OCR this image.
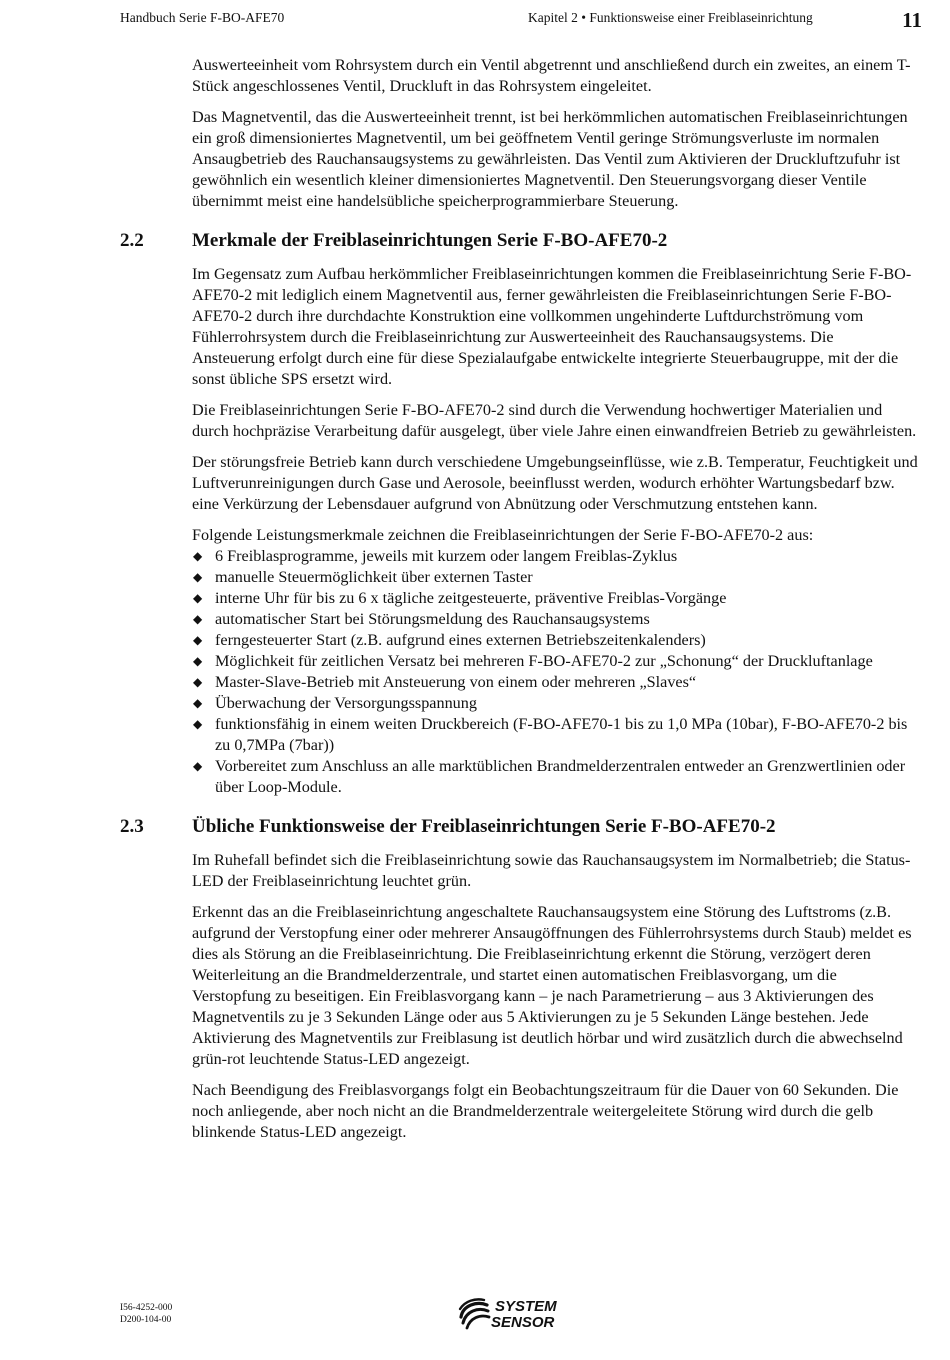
Handbuch Serie F-BO-AFE70	Kapitel 2 • Funktionsweise einer Freiblaseinrichtung	11

Auswerteeinheit vom Rohrsystem durch ein Ventil abgetrennt und anschließend durch ein zweites, an einem T-Stück angeschlossenes Ventil, Druckluft in das Rohrsystem eingeleitet.

Das Magnetventil, das die Auswerteeinheit trennt, ist bei herkömmlichen automatischen Freiblaseinrichtungen ein groß dimensioniertes Magnetventil, um bei geöffnetem Ventil geringe Strömungsverluste im normalen Ansaugbetrieb des Rauchansaugsystems zu gewährleisten. Das Ventil zum Aktivieren der Druckluftzufuhr ist gewöhnlich ein wesentlich kleiner dimensioniertes Magnetventil. Den Steuerungsvorgang dieser Ventile übernimmt meist eine handelsübliche speicherprogrammierbare Steuerung.

2.2	Merkmale der Freiblaseinrichtungen Serie F-BO-AFE70-2

Im Gegensatz zum Aufbau herkömmlicher Freiblaseinrichtungen kommen die Freiblaseinrichtung Serie F-BO-AFE70-2 mit lediglich einem Magnetventil aus, ferner gewährleisten die Freiblaseinrichtungen Serie F-BO-AFE70-2 durch ihre durchdachte Konstruktion eine vollkommen ungehinderte Luftdurchströmung vom Fühlerrohrsystem durch die Freiblaseinrichtung zur Auswerteeinheit des Rauchansaugsystems. Die Ansteuerung erfolgt durch eine für diese Spezialaufgabe entwickelte integrierte Steuerbaugruppe, mit der die sonst übliche SPS ersetzt wird.

Die Freiblaseinrichtungen Serie F-BO-AFE70-2 sind durch die Verwendung hochwertiger Materialien und durch hochpräzise Verarbeitung dafür ausgelegt, über viele Jahre einen einwandfreien Betrieb zu gewährleisten.

Der störungsfreie Betrieb kann durch verschiedene Umgebungseinflüsse, wie z.B. Temperatur, Feuchtigkeit und Luftverunreinigungen durch Gase und Aerosole, beeinflusst werden, wodurch erhöhter Wartungsbedarf bzw. eine Verkürzung der Lebensdauer aufgrund von Abnützung oder Verschmutzung entstehen kann.

Folgende Leistungsmerkmale zeichnen die Freiblaseinrichtungen der Serie F-BO-AFE70-2 aus:

◆ 6 Freiblasprogramme, jeweils mit kurzem oder langem Freiblas-Zyklus
◆ manuelle Steuermöglichkeit über externen Taster
◆ interne Uhr für bis zu 6 x tägliche zeitgesteuerte, präventive Freiblas-Vorgänge
◆ automatischer Start bei Störungsmeldung des Rauchansaugsystems
◆ ferngesteuerter Start (z.B. aufgrund eines externen Betriebszeitenkalenders)
◆ Möglichkeit für zeitlichen Versatz bei mehreren F-BO-AFE70-2 zur „Schonung“ der Druckluftanlage
◆ Master-Slave-Betrieb mit Ansteuerung von einem oder mehreren „Slaves“
◆ Überwachung der Versorgungsspannung
◆ funktionsfähig in einem weiten Druckbereich (F-BO-AFE70-1 bis zu 1,0 MPa (10bar), F-BO-AFE70-2 bis zu 0,7MPa (7bar))
◆ Vorbereitet zum Anschluss an alle marktüblichen Brandmelderzentralen entweder an Grenzwertlinien oder über Loop-Module.
2.3	Übliche Funktionsweise der Freiblaseinrichtungen Serie F-BO-AFE70-2

Im Ruhefall befindet sich die Freiblaseinrichtung sowie das Rauchansaugsystem im Normalbetrieb; die Status-LED der Freiblaseinrichtung leuchtet grün.

Erkennt das an die Freiblaseinrichtung angeschaltete Rauchansaugsystem eine Störung des Luftstroms (z.B. aufgrund der Verstopfung einer oder mehrerer Ansaugöffnungen des Fühlerrohrsystems durch Staub) meldet es dies als Störung an die Freiblaseinrichtung. Die Freiblaseinrichtung erkennt die Störung, verzögert deren Weiterleitung an die Brandmelderzentrale, und startet einen automatischen Freiblasvorgang, um die Verstopfung zu beseitigen. Ein Freiblasvorgang kann – je nach Parametrierung – aus 3 Aktivierungen des Magnetventils zu je 3 Sekunden Länge oder aus 5 Aktivierungen zu je 5 Sekunden Länge bestehen. Jede Aktivierung des Magnetventils zur Freiblasung ist deutlich hörbar und wird zusätzlich durch die abwechselnd grün-rot leuchtende Status-LED angezeigt.

Nach Beendigung des Freiblasvorgangs folgt ein Beobachtungszeitraum für die Dauer von 60 Sekunden. Die noch anliegende, aber noch nicht an die Brandmelderzentrale weitergeleitete Störung wird durch die gelb blinkende Status-LED angezeigt.

I56-4252-000
D200-104-00
SYSTEM
SENSOR
